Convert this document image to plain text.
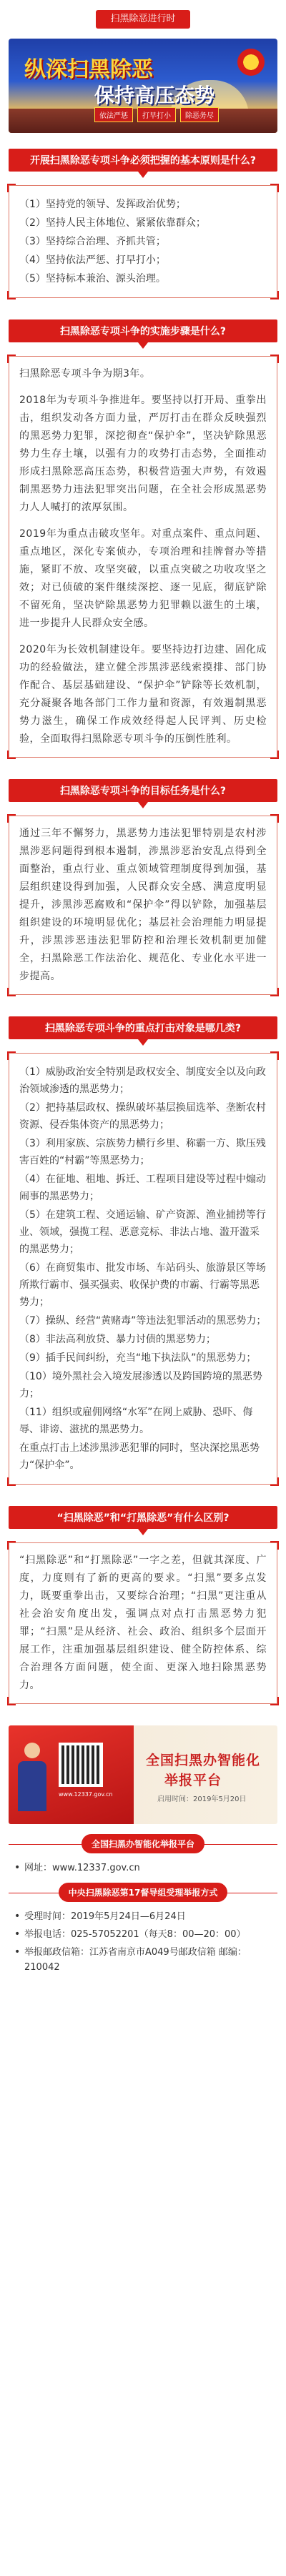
扫黑除恶进行时
纵深扫黑除恶
保持高压态势
依法严惩	打早打小	除恶务尽
开展扫黑除恶专项斗争必须把握的基本原则是什么?
（1）坚持党的领导、发挥政治优势；
（2）坚持人民主体地位、紧紧依靠群众；
（3）坚持综合治理、齐抓共管；
（4）坚持依法严惩、打早打小；
（5）坚持标本兼治、源头治理。
扫黑除恶专项斗争的实施步骤是什么?

扫黑除恶专项斗争为期3年。

2018年为专项斗争推进年。要坚持以打开局、重拳出击，组织发动各方面力量，严厉打击在群众反映强烈的黑恶势力犯罪，深挖彻查“保护伞”，坚决铲除黑恶势力生存土壤，以强有力的攻势打击态势，全面推动形成扫黑除恶高压态势，积极营造强大声势，有效遏制黑恶势力违法犯罪突出问题，在全社会形成黑恶势力人人喊打的浓厚氛围。

2019年为重点击破攻坚年。对重点案件、重点问题、重点地区，深化专案侦办，专项治理和挂牌督办等措施，紧盯不放、攻坚突破，以重点突破之功收攻坚之效；对已侦破的案件继续深挖、逐一见底，彻底铲除不留死角，坚决铲除黑恶势力犯罪赖以滋生的土壤，进一步提升人民群众安全感。

2020年为长效机制建设年。要坚持边打边建、固化成功的经验做法，建立健全涉黑涉恶线索摸排、部门协作配合、基层基础建设、“保护伞”铲除等长效机制，充分凝聚各地各部门工作力量和资源，有效遏制黑恶势力滋生，确保工作成效经得起人民评判、历史检验，全面取得扫黑除恶专项斗争的压倒性胜利。

扫黑除恶专项斗争的目标任务是什么?

通过三年不懈努力，黑恶势力违法犯罪特别是农村涉黑涉恶问题得到根本遏制，涉黑涉恶治安乱点得到全面整治，重点行业、重点领域管理制度得到加强，基层组织建设得到加强，人民群众安全感、满意度明显提升，涉黑涉恶腐败和“保护伞”得以铲除，加强基层组织建设的环境明显优化；基层社会治理能力明显提升，涉黑涉恶违法犯罪防控和治理长效机制更加健全，扫黑除恶工作法治化、规范化、专业化水平进一步提高。

扫黑除恶专项斗争的重点打击对象是哪几类?
（1）威胁政治安全特别是政权安全、制度安全以及向政治领域渗透的黑恶势力；
（2）把持基层政权、操纵破坏基层换届选举、垄断农村资源、侵吞集体资产的黑恶势力；
（3）利用家族、宗族势力横行乡里、称霸一方、欺压残害百姓的“村霸”等黑恶势力；
（4）在征地、租地、拆迁、工程项目建设等过程中煽动闹事的黑恶势力；
（5）在建筑工程、交通运输、矿产资源、渔业捕捞等行业、领域，强揽工程、恶意竞标、非法占地、滥开滥采的黑恶势力；
（6）在商贸集市、批发市场、车站码头、旅游景区等场所欺行霸市、强买强卖、收保护费的市霸、行霸等黑恶势力；
（7）操纵、经营“黄赌毒”等违法犯罪活动的黑恶势力；
（8）非法高利放贷、暴力讨债的黑恶势力；
（9）插手民间纠纷，充当“地下执法队”的黑恶势力；
（10）境外黑社会入境发展渗透以及跨国跨境的黑恶势力；
（11）组织或雇佣网络“水军”在网上威胁、恐吓、侮辱、诽谤、滋扰的黑恶势力。
在重点打击上述涉黑涉恶犯罪的同时，坚决深挖黑恶势力“保护伞”。
“扫黑除恶”和“打黑除恶”有什么区别?

“扫黑除恶”和“打黑除恶”一字之差，但就其深度、广度，力度则有了新的更高的要求。“扫黑”要多点发力，既要重拳出击，又要综合治理；“扫黑”更注重从社会治安角度出发，强调点对点打击黑恶势力犯罪；“扫黑”是从经济、社会、政治、组织多个层面开展工作，注重加强基层组织建设、健全防控体系、综合治理各方面问题，使全面、更深入地扫除黑恶势力。

www.12337.gov.cn
全国扫黑办智能化
举报平台
启用时间：2019年5月20日
全国扫黑办智能化举报平台
• 网址：www.12337.gov.cn
中央扫黑除恶第17督导组受理举报方式
• 受理时间：2019年5月24日—6月24日
• 举报电话：025-57052201（每天8：00—20：00）
• 举报邮政信箱：江苏省南京市A049号邮政信箱 邮编：210042
